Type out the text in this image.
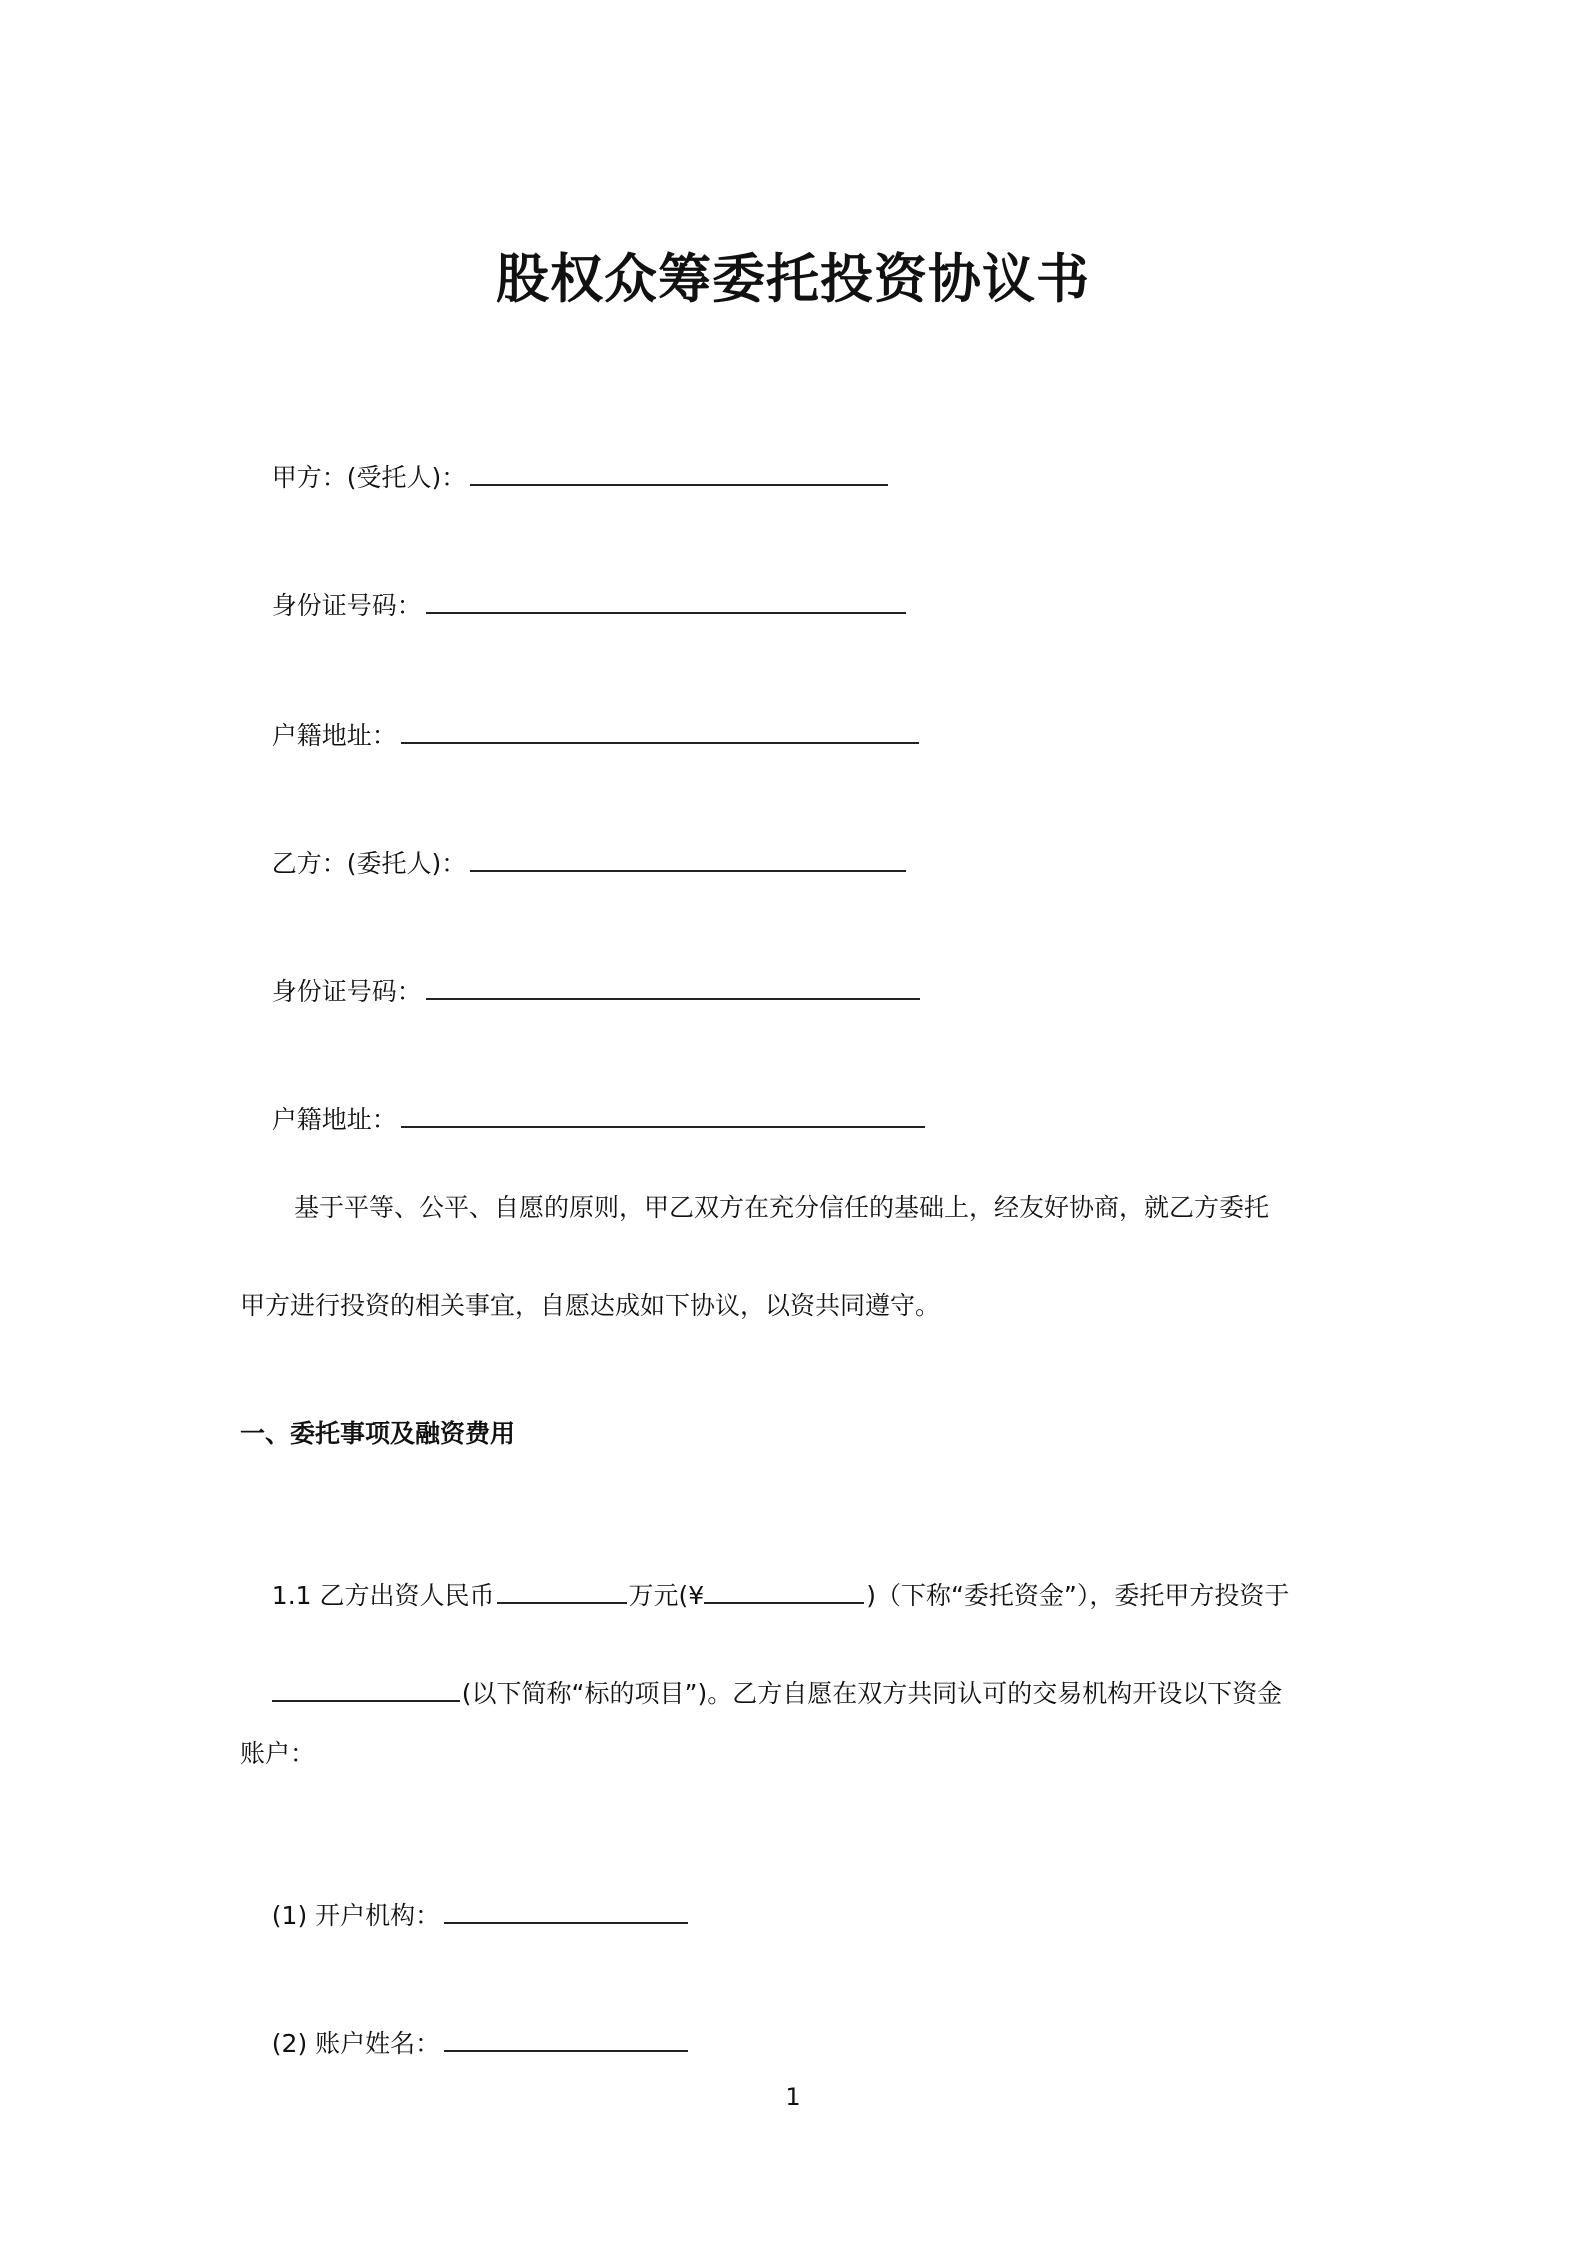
股权众筹委托投资协议书

甲方：(受托人)：

身份证号码：

户籍地址：

乙方：(委托人)：

身份证号码：

户籍地址：

基于平等、公平、自愿的原则，甲乙双方在充分信任的基础上，经友好协商，就乙方委托
甲方进行投资的相关事宜，自愿达成如下协议，以资共同遵守。
一、委托事项及融资费用

1.1 乙方出资人民币	万元(¥	)（下称“委托资金”），委托甲方投资于

(以下简称“标的项目”)。乙方自愿在双方共同认可的交易机构开设以下资金

账户：

(1) 开户机构：

(2) 账户姓名：

1
